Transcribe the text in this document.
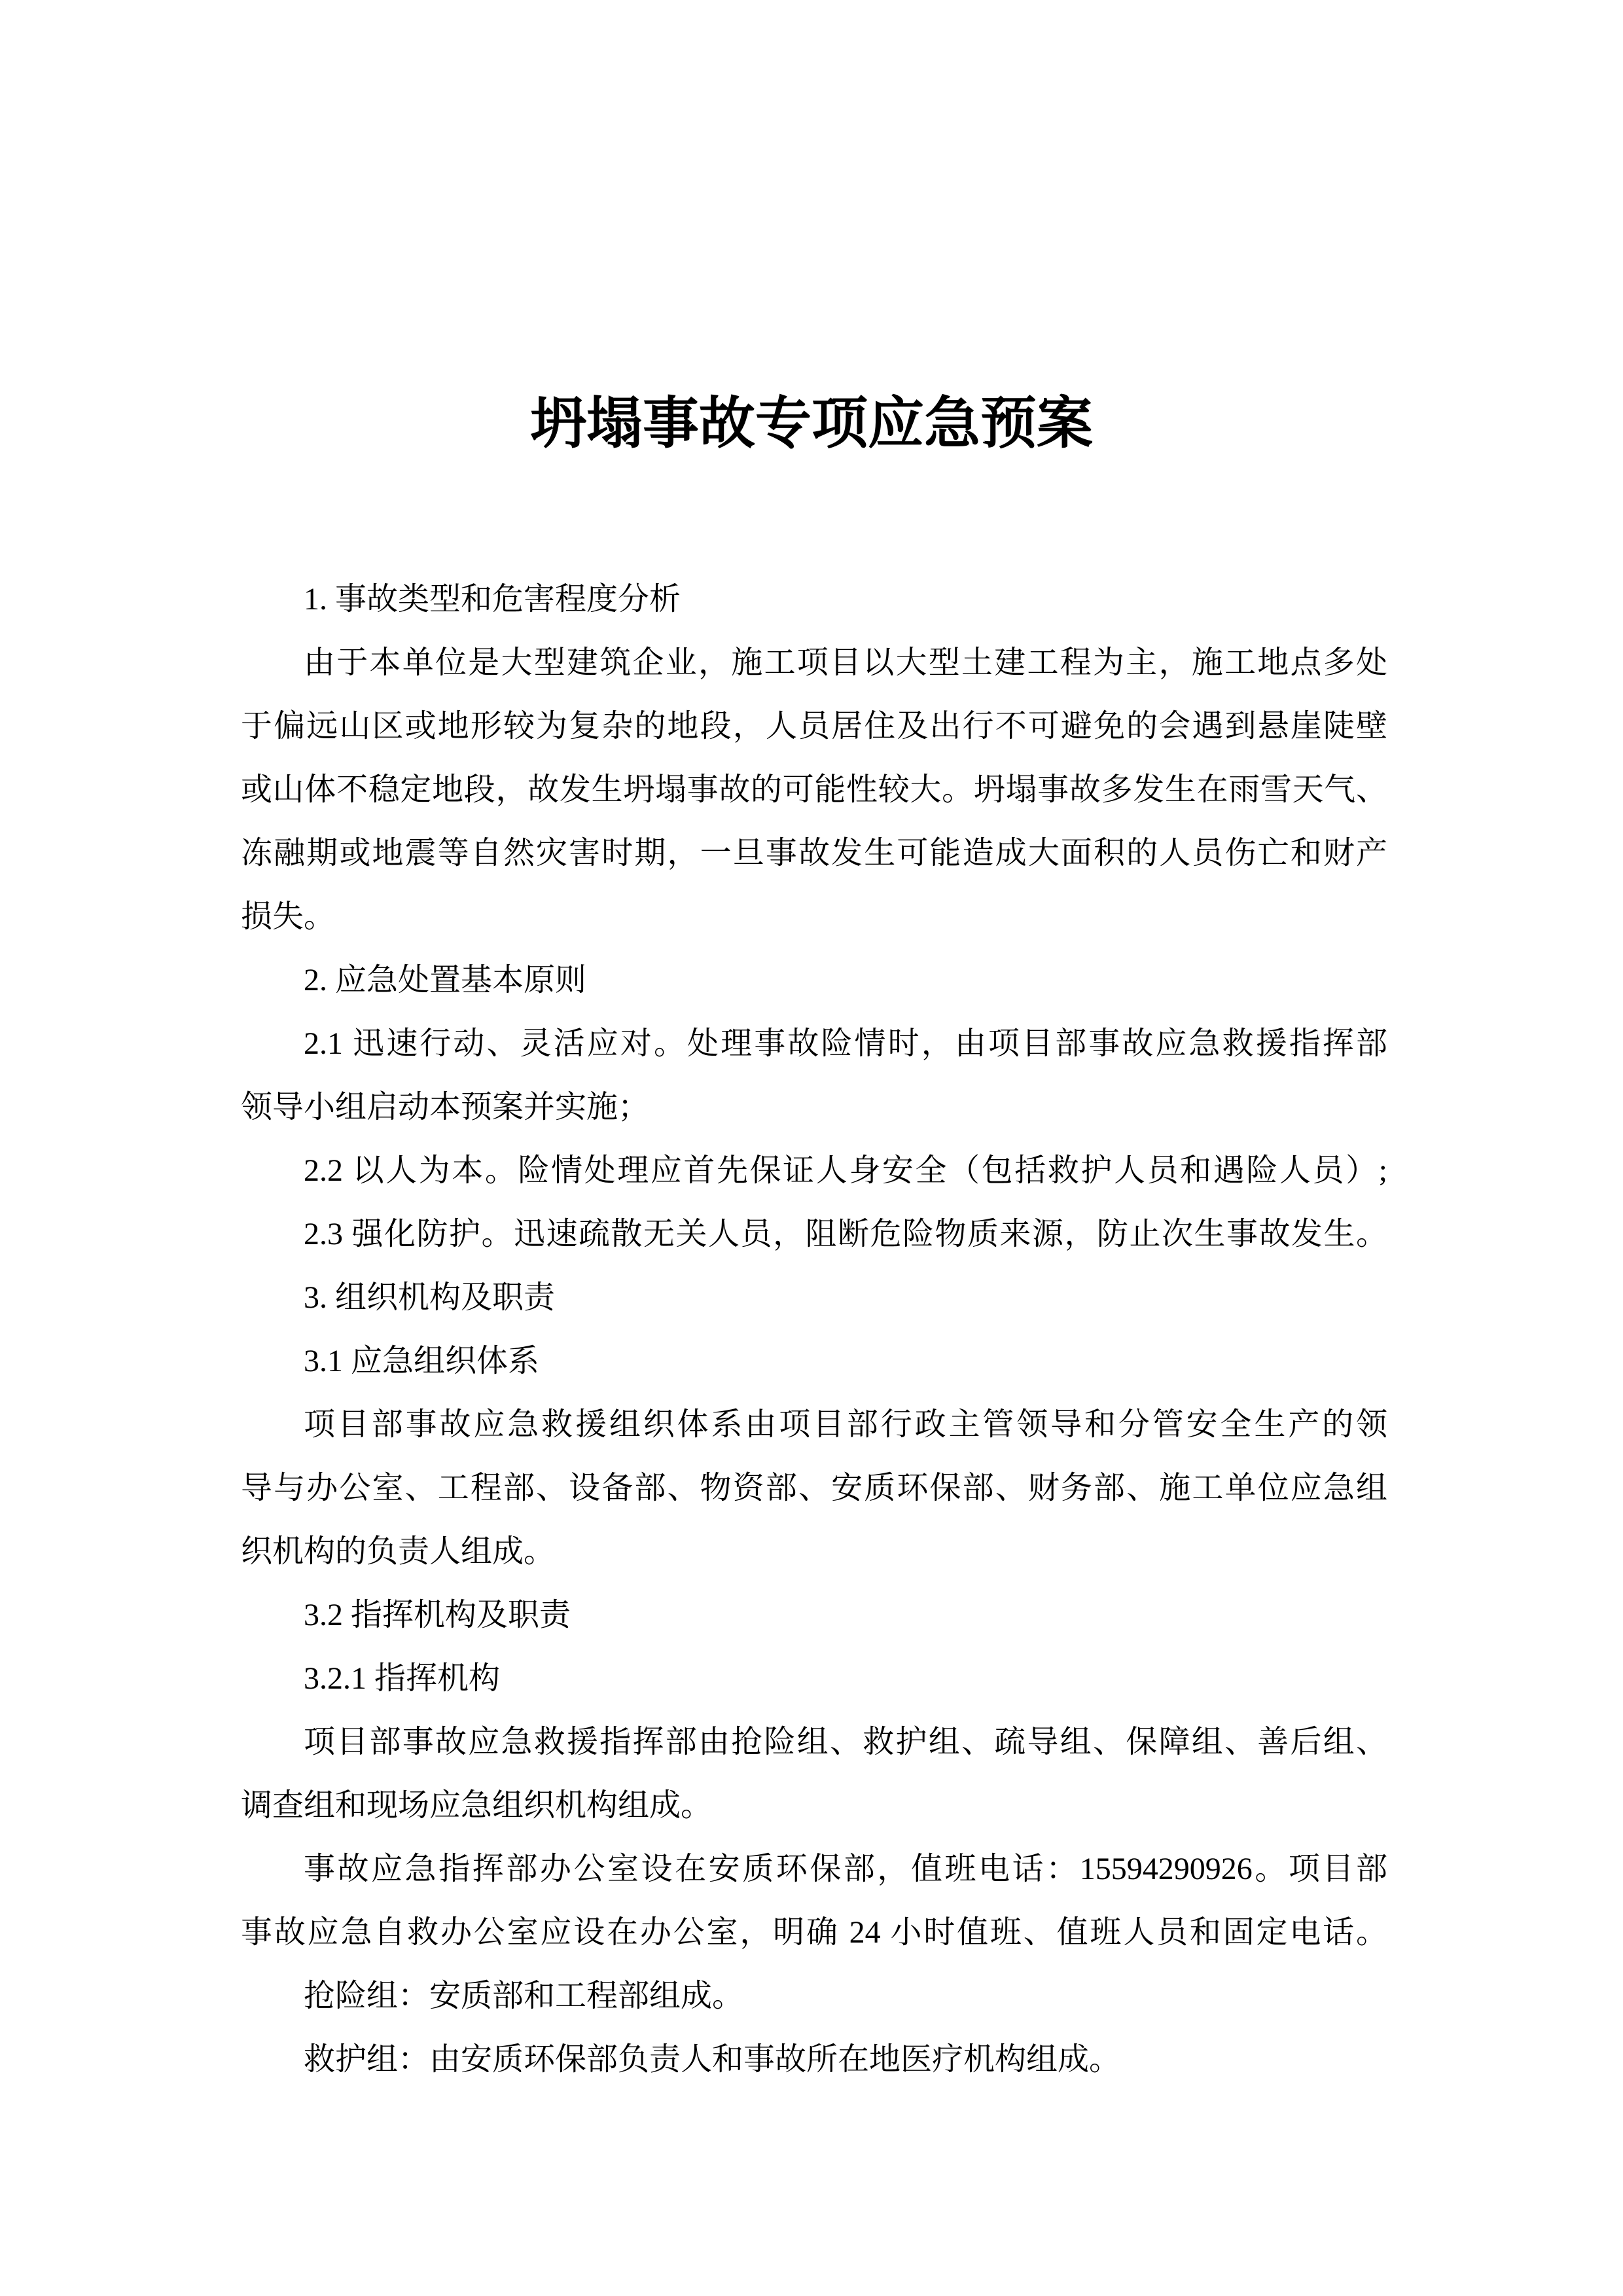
坍塌事故专项应急预案
1. 事故类型和危害程度分析
由于本单位是大型建筑企业，施工项目以大型土建工程为主，施工地点多处
于偏远山区或地形较为复杂的地段，人员居住及出行不可避免的会遇到悬崖陡壁
或山体不稳定地段，故发生坍塌事故的可能性较大。坍塌事故多发生在雨雪天气、
冻融期或地震等自然灾害时期，一旦事故发生可能造成大面积的人员伤亡和财产
损失。
2. 应急处置基本原则
2.1 迅速行动、灵活应对。处理事故险情时，由项目部事故应急救援指挥部
领导小组启动本预案并实施；
2.2 以人为本。险情处理应首先保证人身安全（包括救护人员和遇险人员）;
2.3 强化防护。迅速疏散无关人员，阻断危险物质来源，防止次生事故发生。
3. 组织机构及职责
3.1 应急组织体系
项目部事故应急救援组织体系由项目部行政主管领导和分管安全生产的领
导与办公室、工程部、设备部、物资部、安质环保部、财务部、施工单位应急组
织机构的负责人组成。
3.2 指挥机构及职责
3.2.1 指挥机构
项目部事故应急救援指挥部由抢险组、救护组、疏导组、保障组、善后组、
调查组和现场应急组织机构组成。
事故应急指挥部办公室设在安质环保部，值班电话：15594290926。项目部
事故应急自救办公室应设在办公室，明确 24 小时值班、值班人员和固定电话。
抢险组：安质部和工程部组成。
救护组：由安质环保部负责人和事故所在地医疗机构组成。
